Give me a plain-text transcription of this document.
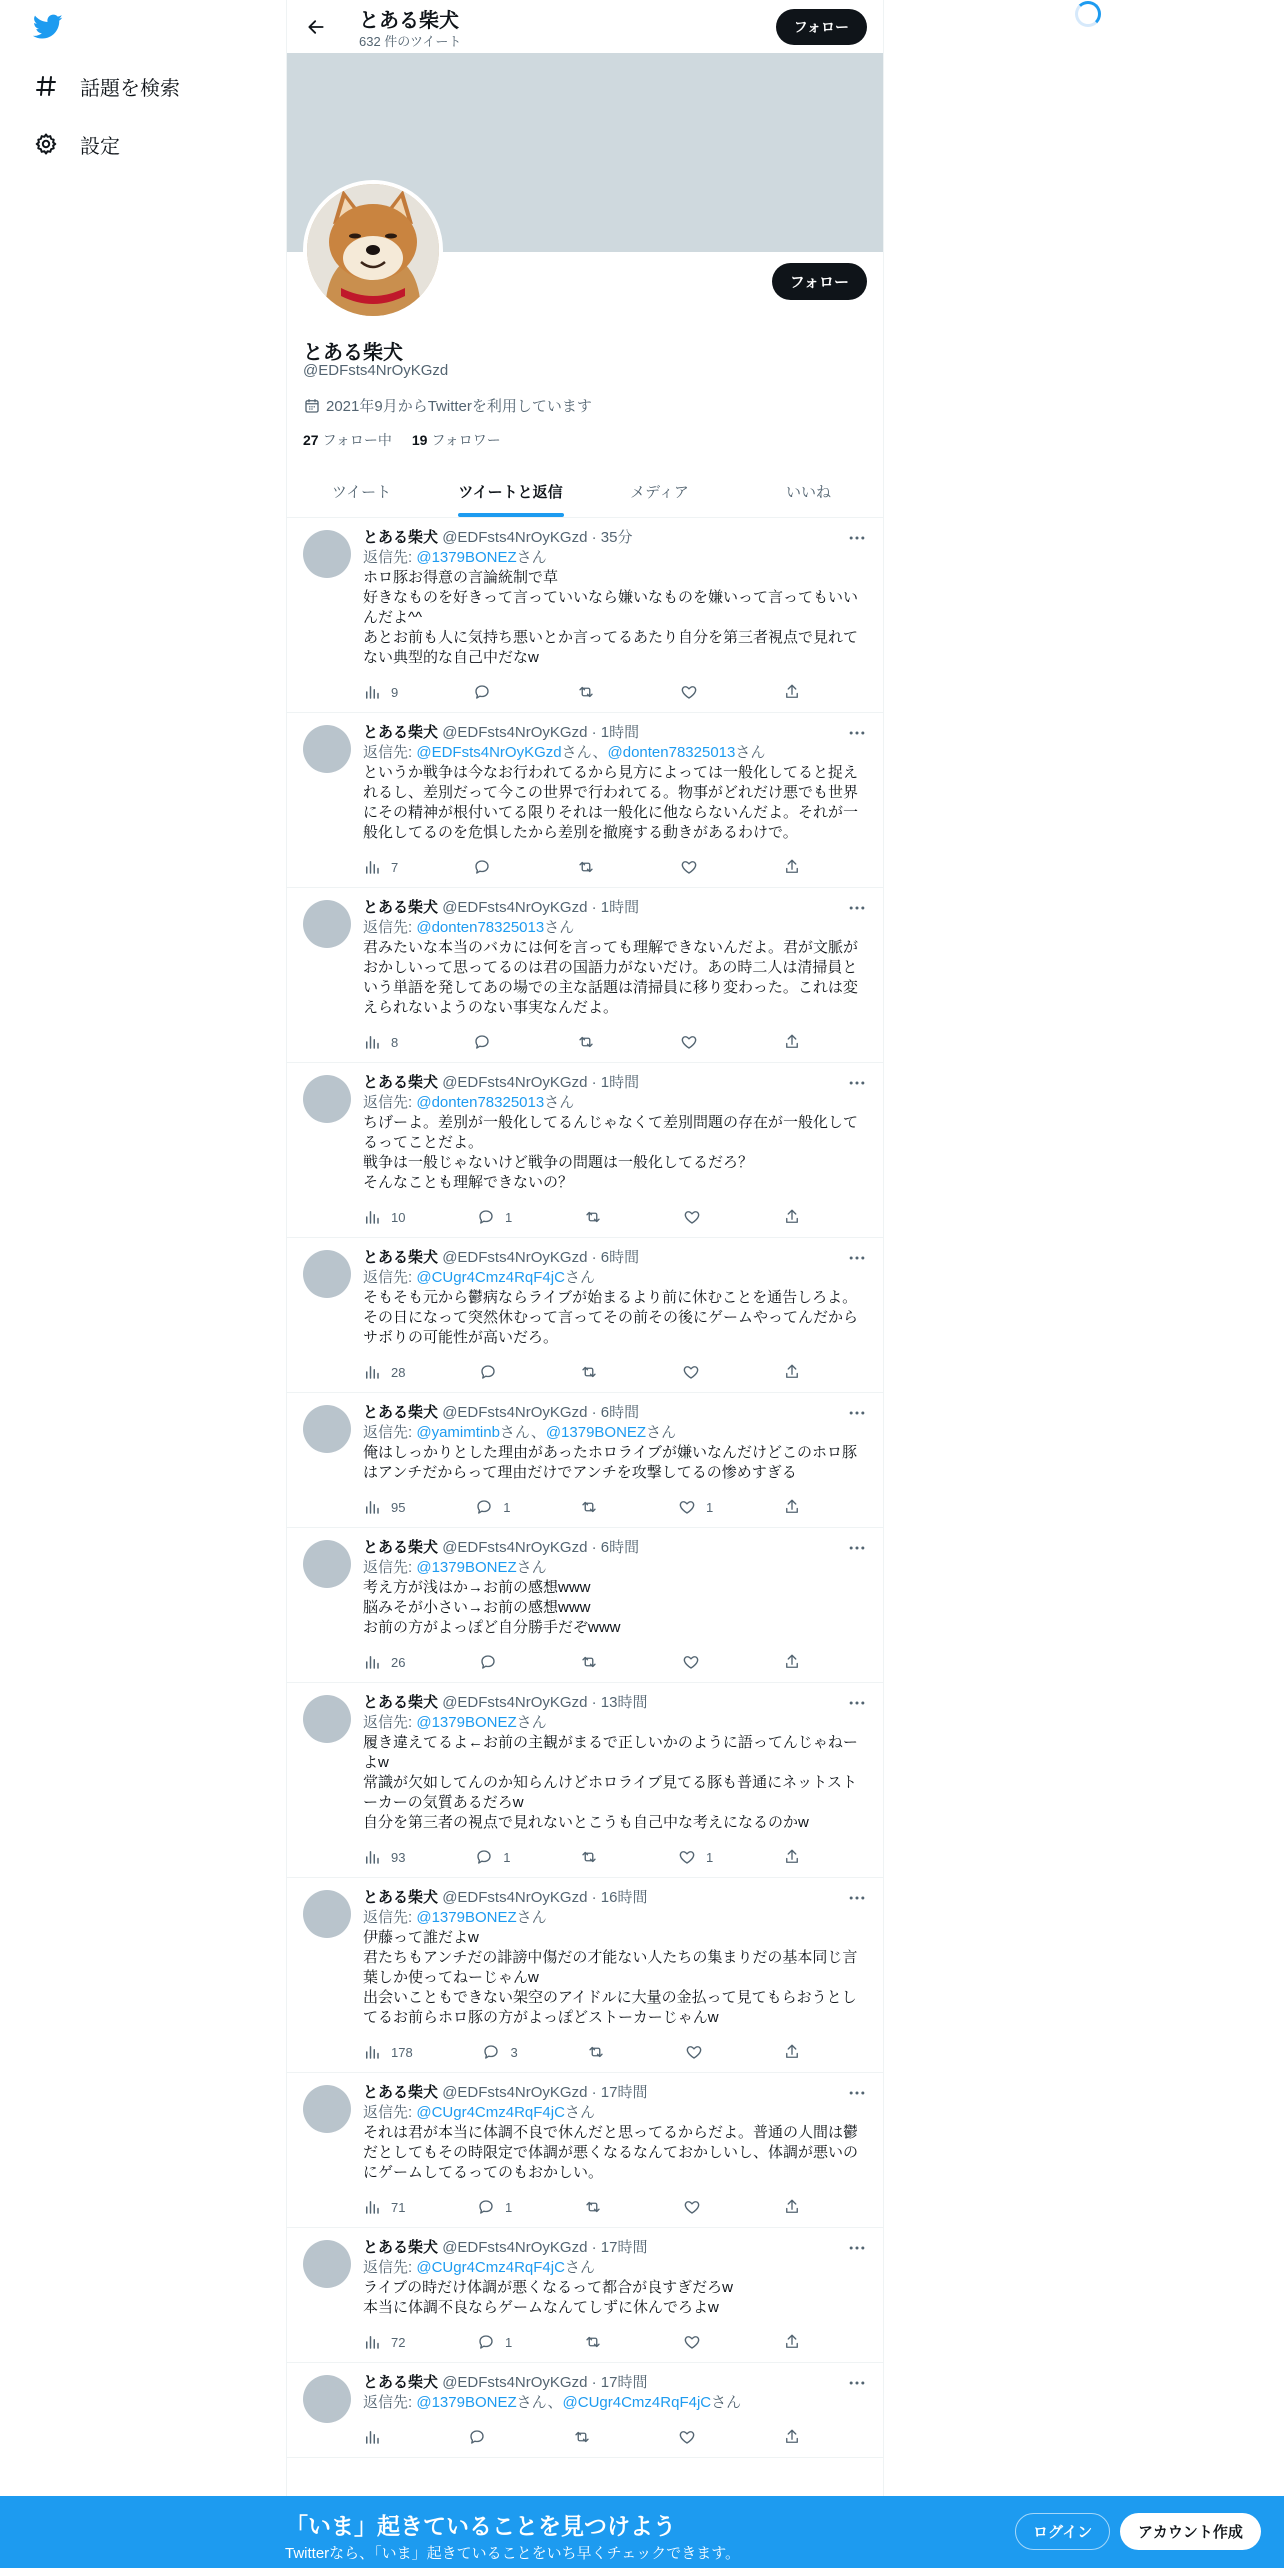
話題を検索
設定
とある柴犬
632 件のツイート
フォロー
フォロー
とある柴犬
@EDFsts4NrOyKGzd
2021年9月からTwitterを利用しています
27 フォロー中 19 フォロワー
ツイート	ツイートと返信	メディア	いいね
とある柴犬 @EDFsts4NrOyKGzd · 35分
返信先: @1379BONEZさん
ホロ豚お得意の言論統制で草
好きなものを好きって言っていいなら嫌いなものを嫌いって言ってもいいんだよ^^
あとお前も人に気持ち悪いとか言ってるあたり自分を第三者視点で見れてない典型的な自己中だなw
9
とある柴犬 @EDFsts4NrOyKGzd · 1時間
返信先: @EDFsts4NrOyKGzdさん、@donten78325013さん
というか戦争は今なお行われてるから見方によっては一般化してると捉えれるし、差別だって今この世界で行われてる。物事がどれだけ悪でも世界にその精神が根付いてる限りそれは一般化に他ならないんだよ。それが一般化してるのを危惧したから差別を撤廃する動きがあるわけで。
7
とある柴犬 @EDFsts4NrOyKGzd · 1時間
返信先: @donten78325013さん
君みたいな本当のバカには何を言っても理解できないんだよ。君が文脈がおかしいって思ってるのは君の国語力がないだけ。あの時二人は清掃員という単語を発してあの場での主な話題は清掃員に移り変わった。これは変えられないようのない事実なんだよ。
8
とある柴犬 @EDFsts4NrOyKGzd · 1時間
返信先: @donten78325013さん
ちげーよ。差別が一般化してるんじゃなくて差別問題の存在が一般化してるってことだよ。
戦争は一般じゃないけど戦争の問題は一般化してるだろ？
そんなことも理解できないの？
10	1
とある柴犬 @EDFsts4NrOyKGzd · 6時間
返信先: @CUgr4Cmz4RqF4jCさん
そもそも元から鬱病ならライブが始まるより前に休むことを通告しろよ。その日になって突然休むって言ってその前その後にゲームやってんだからサボりの可能性が高いだろ。
28
とある柴犬 @EDFsts4NrOyKGzd · 6時間
返信先: @yamimtinbさん、@1379BONEZさん
俺はしっかりとした理由があったホロライブが嫌いなんだけどこのホロ豚はアンチだからって理由だけでアンチを攻撃してるの惨めすぎる
95	1	1
とある柴犬 @EDFsts4NrOyKGzd · 6時間
返信先: @1379BONEZさん
考え方が浅はか→お前の感想www
脳みそが小さい→お前の感想www
お前の方がよっぽど自分勝手だぞwww
26
とある柴犬 @EDFsts4NrOyKGzd · 13時間
返信先: @1379BONEZさん
履き違えてるよ←お前の主観がまるで正しいかのように語ってんじゃねーよw
常識が欠如してんのか知らんけどホロライブ見てる豚も普通にネットストーカーの気質あるだろw
自分を第三者の視点で見れないとこうも自己中な考えになるのかw
93	1	1
とある柴犬 @EDFsts4NrOyKGzd · 16時間
返信先: @1379BONEZさん
伊藤って誰だよw
君たちもアンチだの誹謗中傷だの才能ない人たちの集まりだの基本同じ言葉しか使ってねーじゃんw
出会いこともできない架空のアイドルに大量の金払って見てもらおうとしてるお前らホロ豚の方がよっぽどストーカーじゃんw
178	3
とある柴犬 @EDFsts4NrOyKGzd · 17時間
返信先: @CUgr4Cmz4RqF4jCさん
それは君が本当に体調不良で休んだと思ってるからだよ。普通の人間は鬱だとしてもその時限定で体調が悪くなるなんておかしいし、体調が悪いのにゲームしてるってのもおかしい。
71	1
とある柴犬 @EDFsts4NrOyKGzd · 17時間
返信先: @CUgr4Cmz4RqF4jCさん
ライブの時だけ体調が悪くなるって都合が良すぎだろw
本当に体調不良ならゲームなんてしずに休んでろよw
72	1
とある柴犬 @EDFsts4NrOyKGzd · 17時間
返信先: @1379BONEZさん、@CUgr4Cmz4RqF4jCさん
「いま」起きていることを見つけよう
Twitterなら、「いま」起きていることをいち早くチェックできます。
ログイン	アカウント作成
